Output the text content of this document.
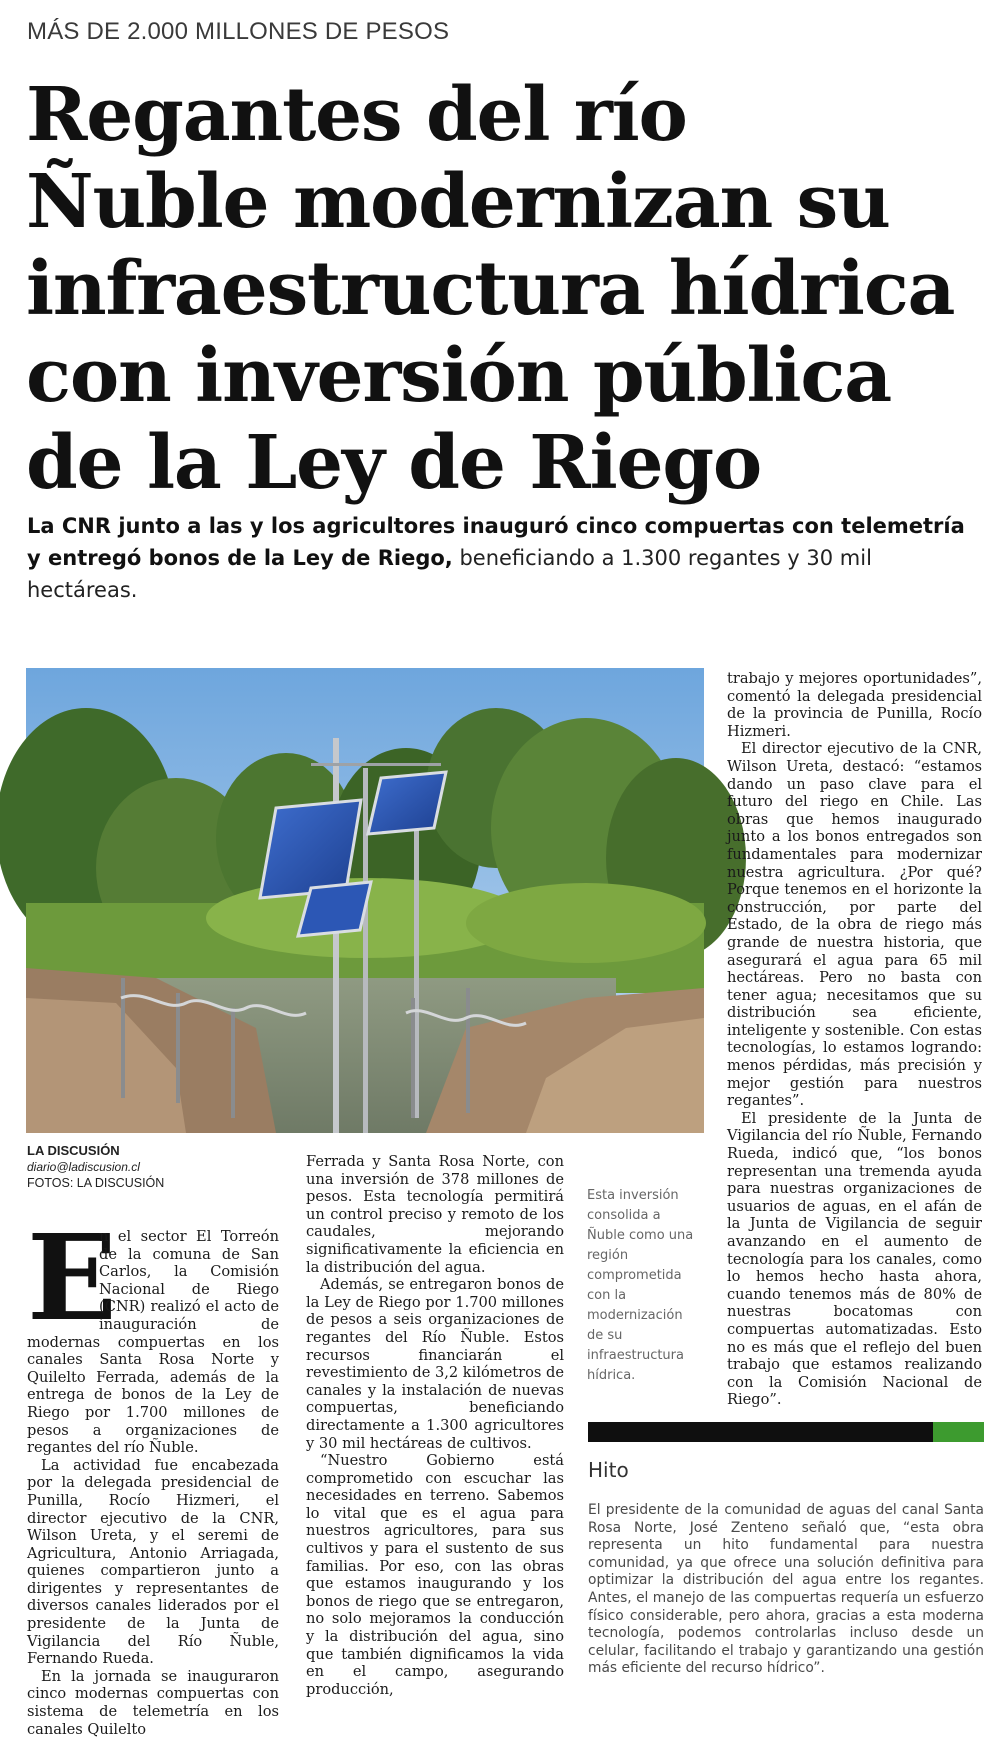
MÁS DE 2.000 MILLONES DE PESOS
Regantes del río
Ñuble modernizan su
infraestructura hídrica
con inversión pública
de la Ley de Riego

La CNR junto a las y los agricultores inauguró cinco compuertas con telemetría y entregó bonos de la Ley de Riego, beneficiando a 1.300 regantes y 30 mil hectáreas.

LA DISCUSIÓN
diario@ladiscusion.cl
FOTOS: LA DISCUSIÓN
E

n el sector El Torreón de la comuna de San Carlos, la Comisión Nacional de Riego (CNR) realizó el acto de inauguración de modernas compuertas en los canales Santa Rosa Norte y Quilelto Ferrada, además de la entrega de bonos de la Ley de Riego por 1.700 millones de pesos a organizaciones de regantes del río Ñuble.

La actividad fue encabezada por la delegada presidencial de Punilla, Rocío Hizmeri, el director ejecutivo de la CNR, Wilson Ureta, y el seremi de Agricultura, Antonio Arriagada, quienes compartieron junto a dirigentes y representantes de diversos canales liderados por el presidente de la Junta de Vigilancia del Río Ñuble, Fernando Rueda.

En la jornada se inauguraron cinco modernas compuertas con sistema de telemetría en los canales Quilelto

Ferrada y Santa Rosa Norte, con una inversión de 378 millones de pesos. Esta tecnología permitirá un control preciso y remoto de los caudales, mejorando significativamente la eficiencia en la distribución del agua.

Además, se entregaron bonos de la Ley de Riego por 1.700 millones de pesos a seis organizaciones de regantes del Río Ñuble. Estos recursos financiarán el revestimiento de 3,2 kilómetros de canales y la instalación de nuevas compuertas, beneficiando directamente a 1.300 agricultores y 30 mil hectáreas de cultivos.

“Nuestro Gobierno está comprometido con escuchar las necesidades en terreno. Sabemos lo vital que es el agua para nuestros agricultores, para sus cultivos y para el sustento de sus familias. Por eso, con las obras que estamos inaugurando y los bonos de riego que se entregaron, no solo mejoramos la conducción y la distribución del agua, sino que también dignificamos la vida en el campo, asegurando producción,

Esta inversión consolida a Ñuble como una región comprometida con la modernización de su infraestructura hídrica.

trabajo y mejores oportunidades”, comentó la delegada presidencial de la provincia de Punilla, Rocío Hizmeri.

El director ejecutivo de la CNR, Wilson Ureta, destacó: “estamos dando un paso clave para el futuro del riego en Chile. Las obras que hemos inaugurado junto a los bonos entregados son fundamentales para modernizar nuestra agricultura. ¿Por qué? Porque tenemos en el horizonte la construcción, por parte del Estado, de la obra de riego más grande de nuestra historia, que asegurará el agua para 65 mil hectáreas. Pero no basta con tener agua; necesitamos que su distribución sea eficiente, inteligente y sostenible. Con estas tecnologías, lo estamos logrando: menos pérdidas, más precisión y mejor gestión para nuestros regantes”.

El presidente de la Junta de Vigilancia del río Ñuble, Fernando Rueda, indicó que, “los bonos representan una tremenda ayuda para nuestras organizaciones de usuarios de aguas, en el afán de la Junta de Vigilancia de seguir avanzando en el aumento de tecnología para los canales, como lo hemos hecho hasta ahora, cuando tenemos más de 80% de nuestras bocatomas con compuertas automatizadas. Esto no es más que el reflejo del buen trabajo que estamos realizando con la Comisión Nacional de Riego”.

Hito

El presidente de la comunidad de aguas del canal Santa Rosa Norte, José Zenteno señaló que, “esta obra representa un hito fundamental para nuestra comunidad, ya que ofrece una solución definitiva para optimizar la distribución del agua entre los regantes. Antes, el manejo de las compuertas requería un esfuerzo físico considerable, pero ahora, gracias a esta moderna tecnología, podemos controlarlas incluso desde un celular, facilitando el trabajo y garantizando una gestión más eficiente del recurso hídrico”.
